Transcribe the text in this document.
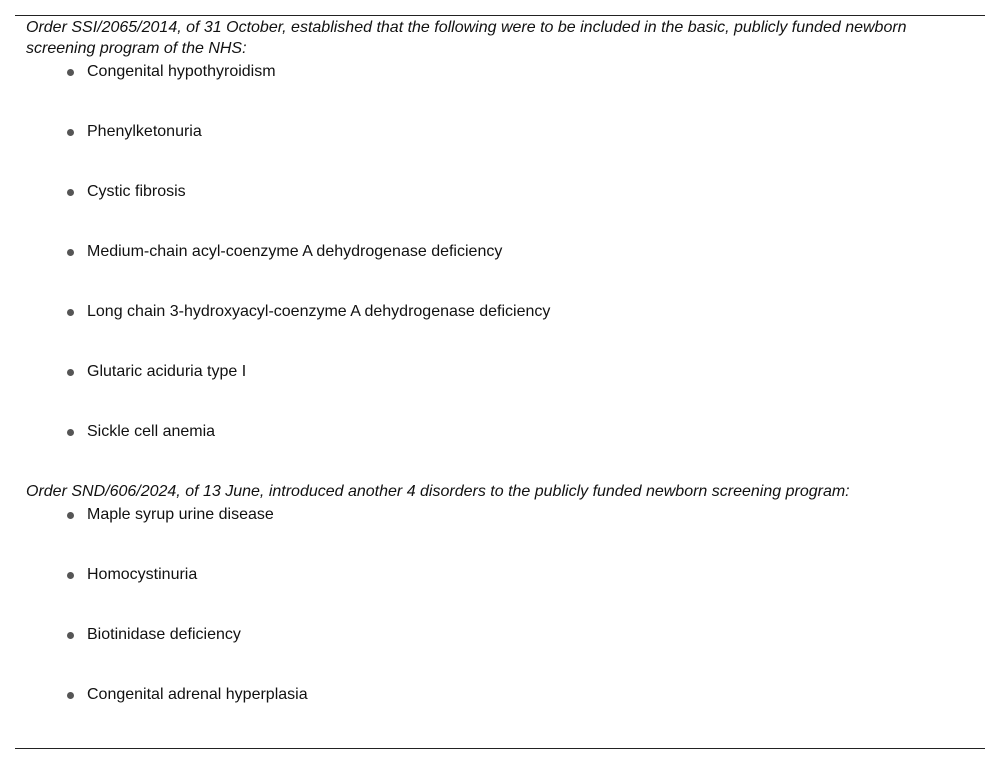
Order SSI/2065/2014, of 31 October, established that the following were to be included in the basic, publicly funded newborn screening program of the NHS:

Congenital hypothyroidism
Phenylketonuria
Cystic fibrosis
Medium-chain acyl-coenzyme A dehydrogenase deficiency
Long chain 3-hydroxyacyl-coenzyme A dehydrogenase deficiency
Glutaric aciduria type I
Sickle cell anemia

Order SND/606/2024, of 13 June, introduced another 4 disorders to the publicly funded newborn screening program:

Maple syrup urine disease
Homocystinuria
Biotinidase deficiency
Congenital adrenal hyperplasia
